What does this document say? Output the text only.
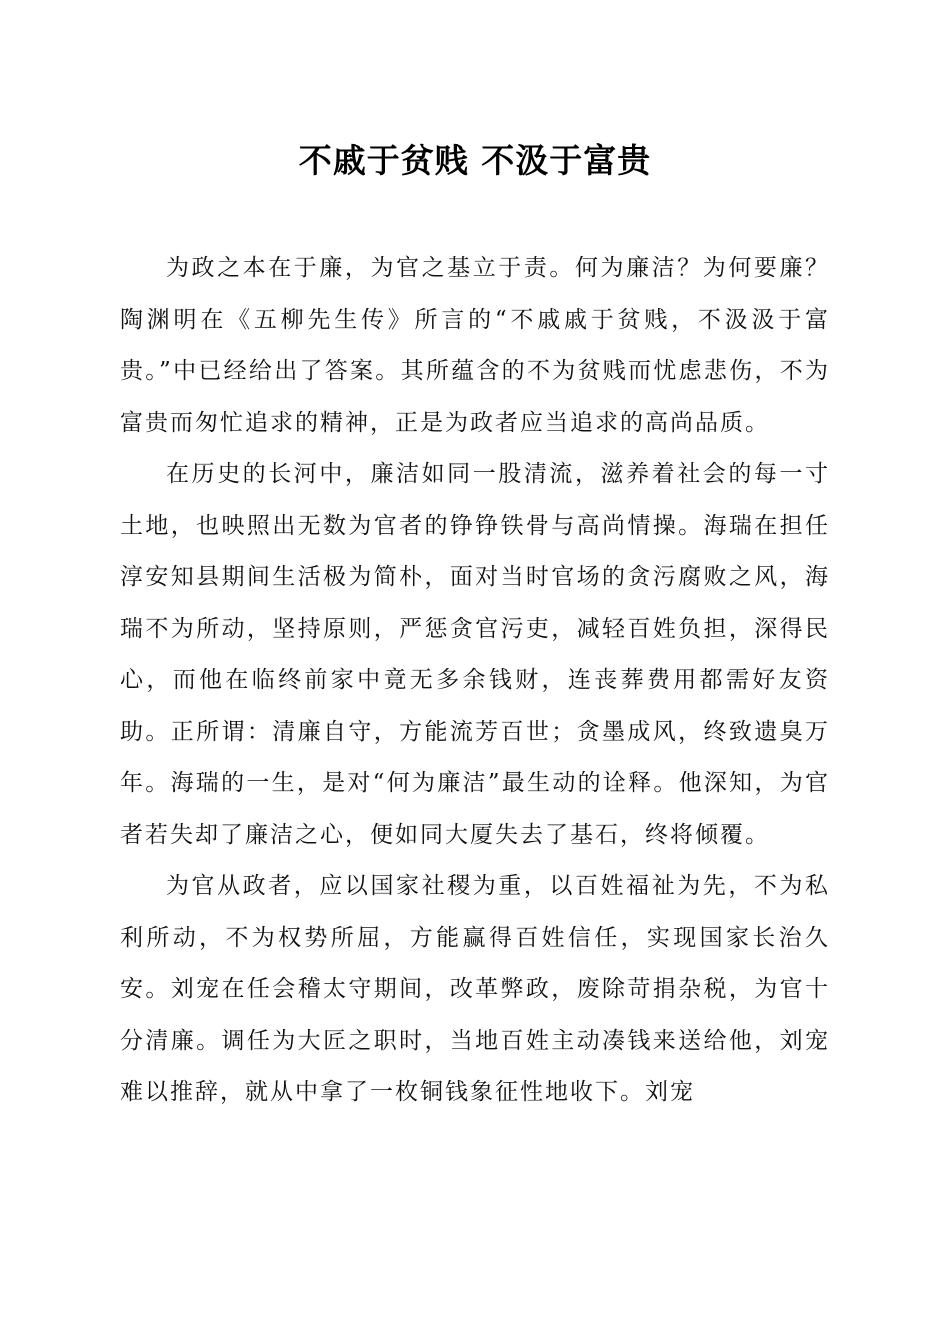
不戚于贫贱 不汲于富贵

为政之本在于廉，为官之基立于责。何为廉洁？为何要廉？陶渊明在《五柳先生传》所言的“不戚戚于贫贱，不汲汲于富贵。”中已经给出了答案。其所蕴含的不为贫贱而忧虑悲伤，不为富贵而匆忙追求的精神，正是为政者应当追求的高尚品质。

在历史的长河中，廉洁如同一股清流，滋养着社会的每一寸土地，也映照出无数为官者的铮铮铁骨与高尚情操。海瑞在担任淳安知县期间生活极为简朴，面对当时官场的贪污腐败之风，海瑞不为所动，坚持原则，严惩贪官污吏，减轻百姓负担，深得民心，而他在临终前家中竟无多余钱财，连丧葬费用都需好友资助。正所谓：清廉自守，方能流芳百世；贪墨成风，终致遗臭万年。海瑞的一生，是对“何为廉洁”最生动的诠释。他深知，为官者若失却了廉洁之心，便如同大厦失去了基石，终将倾覆。

为官从政者，应以国家社稷为重，以百姓福祉为先，不为私利所动，不为权势所屈，方能赢得百姓信任，实现国家长治久安。刘宠在任会稽太守期间，改革弊政，废除苛捐杂税，为官十分清廉。调任为大匠之职时，当地百姓主动凑钱来送给他，刘宠难以推辞，就从中拿了一枚铜钱象征性地收下。刘宠
